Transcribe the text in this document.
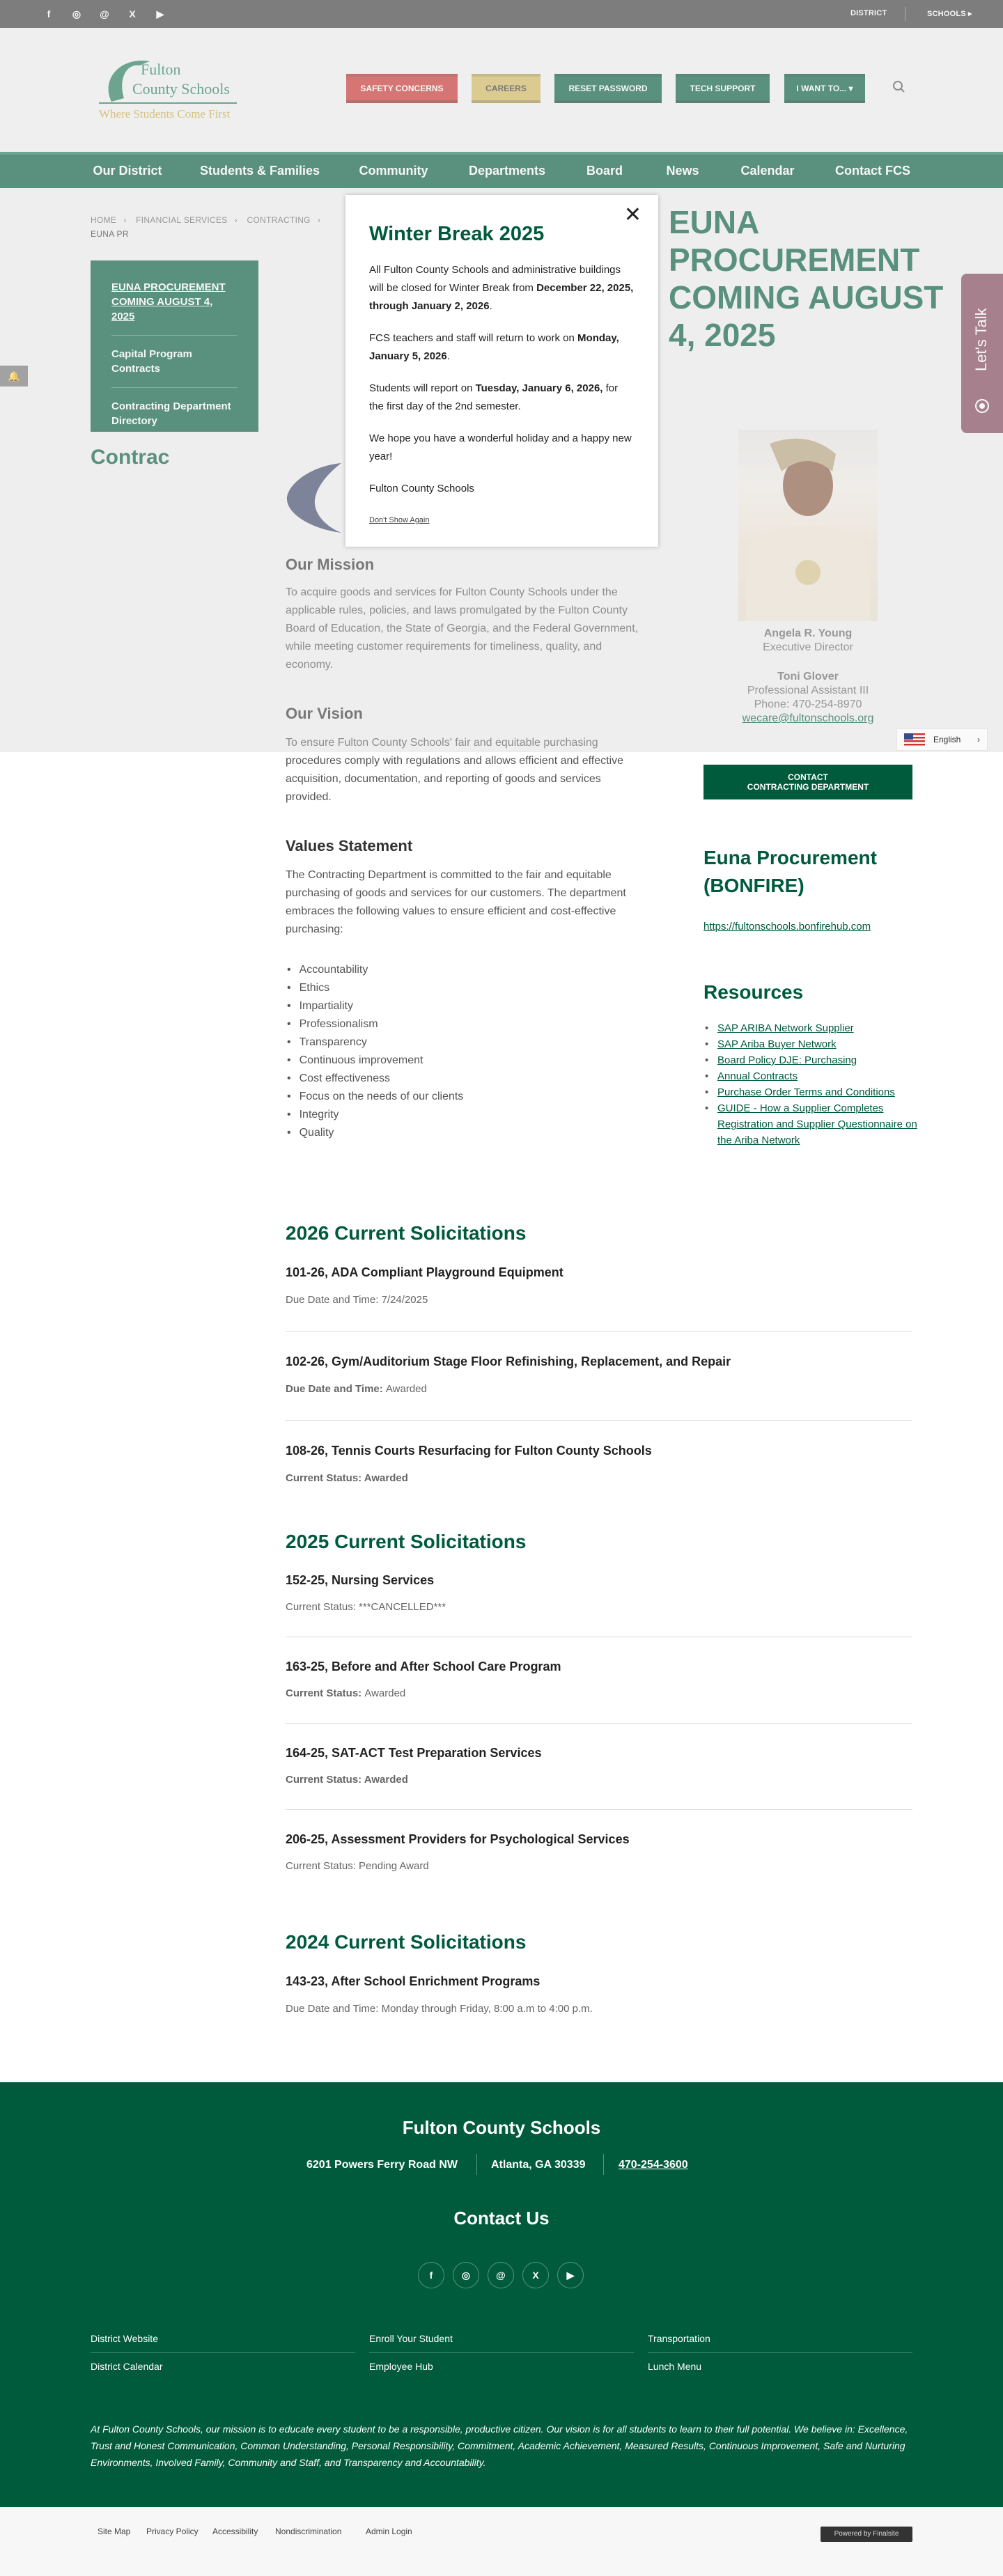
f	◎ @	X	▶	DISTRICT	SCHOOLS ▸
Fulton
County Schools
Where Students Come First
SAFETY CONCERNS	CAREERS	RESET PASSWORD	TECH SUPPORT	I WANT TO... ▾
Our District	Students & Families	Community	Departments	Board	News	Calendar	Contact FCS
HOME › FINANCIAL SERVICES › CONTRACTING › EUNA PR
EUNA PROCUREMENT COMING AUGUST 4, 2025
Capital Program Contracts
Contracting Department Directory
EUNA PROCUREMENT COMING AUGUST 4, 2025
Contrac
Our Mission

To acquire goods and services for Fulton County Schools under the applicable rules, policies, and laws promulgated by the Fulton County Board of Education, the State of Georgia, and the Federal Government, while meeting customer requirements for timeliness, quality, and economy.

Our Vision

To ensure Fulton County Schools' fair and equitable purchasing procedures comply with regulations and allows efficient and effective acquisition, documentation, and reporting of goods and services provided.

Values Statement

The Contracting Department is committed to the fair and equitable purchasing of goods and services for our customers. The department embraces the following values to ensure efficient and cost-effective purchasing:

• Accountability
• Ethics
• Impartiality
• Professionalism
• Transparency
• Continuous improvement
• Cost effectiveness
• Focus on the needs of our clients
• Integrity
• Quality
Angela R. Young
Executive Director
Toni Glover
Professional Assistant III
Phone: 470-254-8970
wecare@fultonschools.org
CONTACT
CONTRACTING DEPARTMENT
Euna Procurement (BONFIRE)
https://fultonschools.bonfirehub.com
Resources
• SAP ARIBA Network Supplier
• SAP Ariba Buyer Network
• Board Policy DJE: Purchasing
• Annual Contracts
• Purchase Order Terms and Conditions
• GUIDE - How a Supplier Completes Registration and Supplier Questionnaire on the Ariba Network
2026 Current Solicitations
101-26, ADA Compliant Playground Equipment
Due Date and Time: 7/24/2025
102-26, Gym/Auditorium Stage Floor Refinishing, Replacement, and Repair
Due Date and Time: Awarded
108-26, Tennis Courts Resurfacing for Fulton County Schools
Current Status: Awarded
2025 Current Solicitations
152-25, Nursing Services
Current Status: ***CANCELLED***
163-25, Before and After School Care Program
Current Status: Awarded
164-25, SAT-ACT Test Preparation Services
Current Status: Awarded
206-25, Assessment Providers for Psychological Services
Current Status: Pending Award
2024 Current Solicitations
143-23, After School Enrichment Programs
Due Date and Time: Monday through Friday, 8:00 a.m to 4:00 p.m.
Fulton County Schools
6201 Powers Ferry Road NW	Atlanta, GA 30339	470-254-3600
Contact Us
f	◎	@	X	▶
District Website	Enroll Your Student	Transportation
District Calendar	Employee Hub	Lunch Menu
At Fulton County Schools, our mission is to educate every student to be a responsible, productive citizen. Our vision is for all students to learn to their full potential. We believe in: Excellence, Trust and Honest Communication, Common Understanding, Personal Responsibility, Commitment, Academic Achievement, Measured Results, Continuous Improvement, Safe and Nurturing Environments, Involved Family, Community and Staff, and Transparency and Accountability.
Site Map Privacy Policy Accessibility Nondiscrimination	Admin Login	Powered by Finalsite
🔔
Let's Talk
English ›
✕
Winter Break 2025

All Fulton County Schools and administrative buildings will be closed for Winter Break from December 22, 2025, through January 2, 2026.

FCS teachers and staff will return to work on Monday, January 5, 2026.

Students will report on Tuesday, January 6, 2026, for the first day of the 2nd semester.

We hope you have a wonderful holiday and a happy new year!

Fulton County Schools

Don't Show Again
